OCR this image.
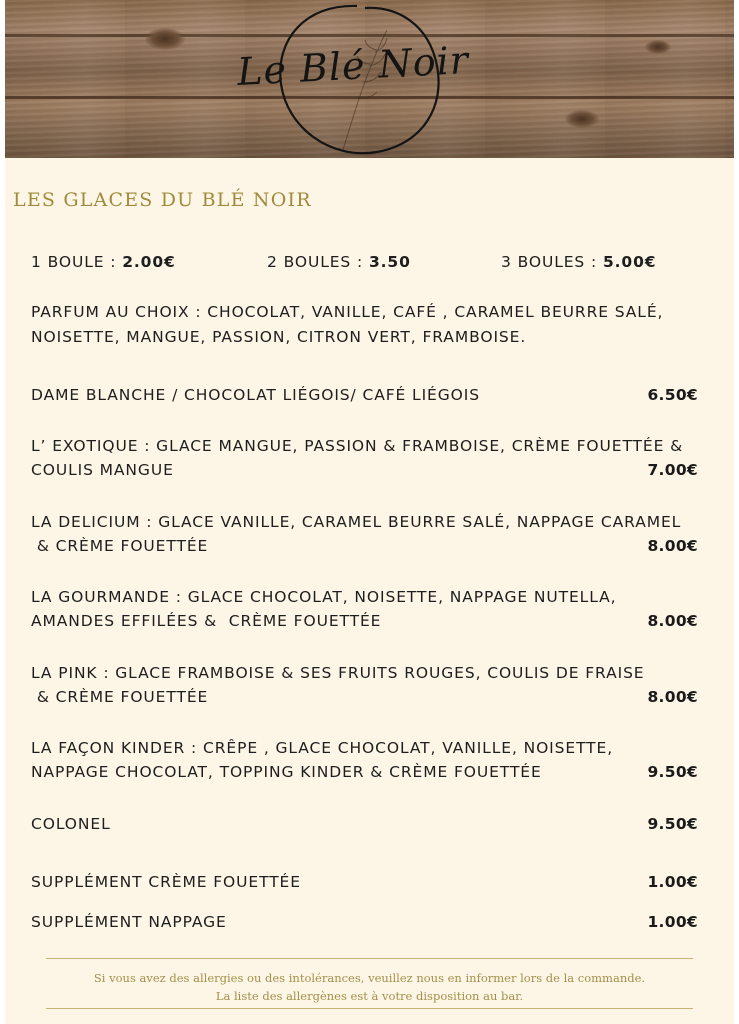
Le Blé Noir
LES GLACES DU BLÉ NOIR
1 BOULE : 2.00€	2 BOULES : 3.50	3 BOULES : 5.00€
PARFUM AU CHOIX : CHOCOLAT, VANILLE, CAFÉ , CARAMEL BEURRE SALÉ,
NOISETTE, MANGUE, PASSION, CITRON VERT, FRAMBOISE.
DAME BLANCHE / CHOCOLAT LIÉGOIS/ CAFÉ LIÉGOIS	6.50€
L’ EXOTIQUE : GLACE MANGUE, PASSION & FRAMBOISE, CRÈME FOUETTÉE &
COULIS MANGUE	7.00€
LA DELICIUM : GLACE VANILLE, CARAMEL BEURRE SALÉ, NAPPAGE CARAMEL
& CRÈME FOUETTÉE	8.00€
LA GOURMANDE : GLACE CHOCOLAT, NOISETTE, NAPPAGE NUTELLA,
AMANDES EFFILÉES &  CRÈME FOUETTÉE	8.00€
LA PINK : GLACE FRAMBOISE & SES FRUITS ROUGES, COULIS DE FRAISE
& CRÈME FOUETTÉE	8.00€
LA FAÇON KINDER : CRÊPE , GLACE CHOCOLAT, VANILLE, NOISETTE,
NAPPAGE CHOCOLAT, TOPPING KINDER & CRÈME FOUETTÉE	9.50€
COLONEL	9.50€
SUPPLÉMENT CRÈME FOUETTÉE	1.00€
SUPPLÉMENT NAPPAGE	1.00€
Si vous avez des allergies ou des intolérances, veuillez nous en informer lors de la commande.
La liste des allergènes est à votre disposition au bar.
